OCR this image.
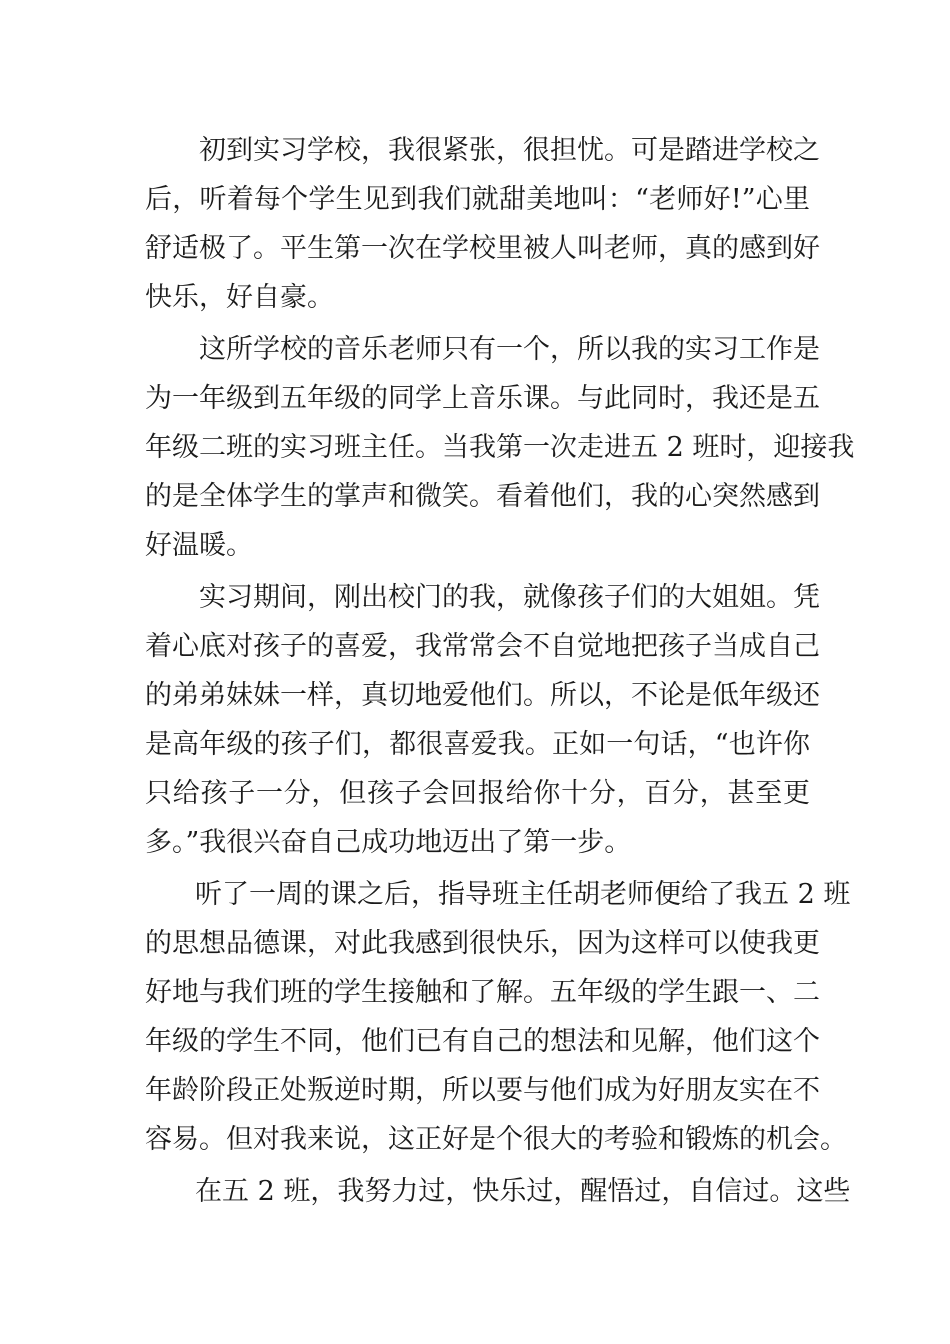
初到实习学校，我很紧张，很担忧。可是踏进学校之
后，听着每个学生见到我们就甜美地叫：“老师好!”心里
舒适极了。平生第一次在学校里被人叫老师，真的感到好
快乐，好自豪。
这所学校的音乐老师只有一个，所以我的实习工作是
为一年级到五年级的同学上音乐课。与此同时，我还是五
年级二班的实习班主任。当我第一次走进五 2 班时，迎接我
的是全体学生的掌声和微笑。看着他们，我的心突然感到
好温暖。
实习期间，刚出校门的我，就像孩子们的大姐姐。凭
着心底对孩子的喜爱，我常常会不自觉地把孩子当成自己
的弟弟妹妹一样，真切地爱他们。所以，不论是低年级还
是高年级的孩子们，都很喜爱我。正如一句话，“也许你
只给孩子一分，但孩子会回报给你十分，百分，甚至更
多。”我很兴奋自己成功地迈出了第一步。
听了一周的课之后，指导班主任胡老师便给了我五 2 班
的思想品德课，对此我感到很快乐，因为这样可以使我更
好地与我们班的学生接触和了解。五年级的学生跟一、二
年级的学生不同，他们已有自己的想法和见解，他们这个
年龄阶段正处叛逆时期，所以要与他们成为好朋友实在不
容易。但对我来说，这正好是个很大的考验和锻炼的机会。
在五 2 班，我努力过，快乐过，醒悟过，自信过。这些
